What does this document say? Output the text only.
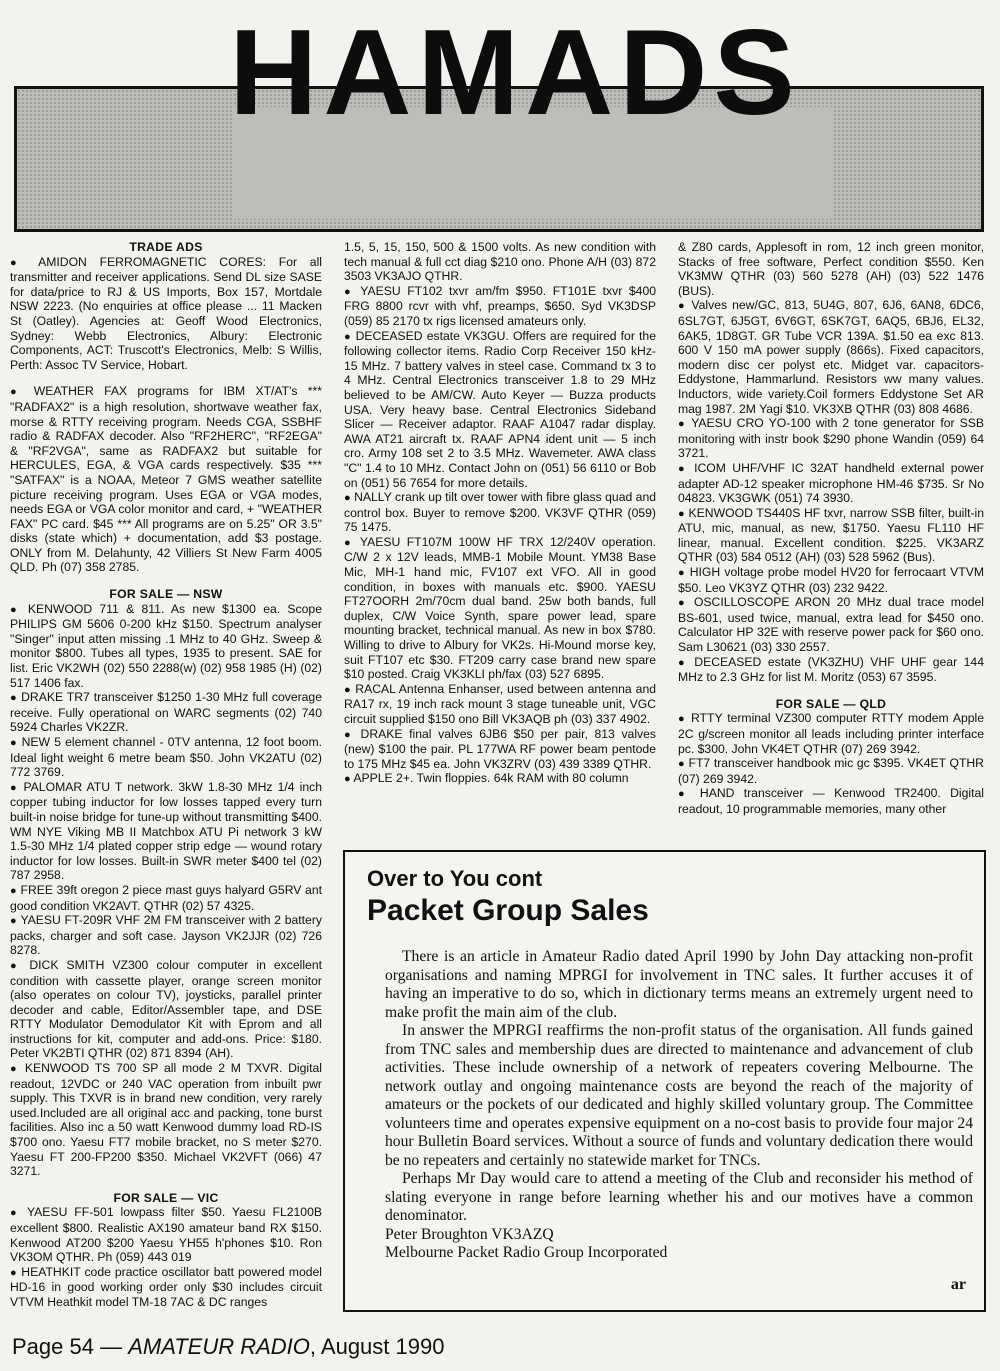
HAMADS

TRADE ADS

● AMIDON FERROMAGNETIC CORES: For all transmitter and receiver applications. Send DL size SASE for data/price to RJ & US Imports, Box 157, Mortdale NSW 2223. (No enquiries at office please ... 11 Macken St (Oatley). Agencies at: Geoff Wood Electronics, Sydney: Webb Electronics, Albury: Electronic Components, ACT: Truscott's Electronics, Melb: S Willis, Perth: Assoc TV Service, Hobart.

● WEATHER FAX programs for IBM XT/AT's *** "RADFAX2" is a high resolution, shortwave weather fax, morse & RTTY receiving program. Needs CGA, SSBHF radio & RADFAX decoder. Also "RF2HERC", "RF2EGA" & "RF2VGA", same as RADFAX2 but suitable for HERCULES, EGA, & VGA cards respectively. $35 *** "SATFAX" is a NOAA, Meteor 7 GMS weather satellite picture receiving program. Uses EGA or VGA modes, needs EGA or VGA color monitor and card, + "WEATHER FAX" PC card. $45 *** All programs are on 5.25" OR 3.5" disks (state which) + documentation, add $3 postage. ONLY from M. Delahunty, 42 Villiers St New Farm 4005 QLD. Ph (07) 358 2785.

FOR SALE — NSW

● KENWOOD 711 & 811. As new $1300 ea. Scope PHILIPS GM 5606 0-200 kHz $150. Spectrum analyser "Singer" input atten missing .1 MHz to 40 GHz. Sweep & monitor $800. Tubes all types, 1935 to present. SAE for list. Eric VK2WH (02) 550 2288(w) (02) 958 1985 (H) (02) 517 1406 fax.

● DRAKE TR7 transceiver $1250 1-30 MHz full coverage receive. Fully operational on WARC segments (02) 740 5924 Charles VK2ZR.

● NEW 5 element channel - 0TV antenna, 12 foot boom. Ideal light weight 6 metre beam $50. John VK2ATU (02) 772 3769.

● PALOMAR ATU T network. 3kW 1.8-30 MHz 1/4 inch copper tubing inductor for low losses tapped every turn built-in noise bridge for tune-up without transmitting $400. WM NYE Viking MB II Matchbox ATU Pi network 3 kW 1.5-30 MHz 1/4 plated copper strip edge — wound rotary inductor for low losses. Built-in SWR meter $400 tel (02) 787 2958.

● FREE 39ft oregon 2 piece mast guys halyard G5RV ant good condition VK2AVT. QTHR (02) 57 4325.

● YAESU FT-209R VHF 2M FM transceiver with 2 battery packs, charger and soft case. Jayson VK2JJR (02) 726 8278.

● DICK SMITH VZ300 colour computer in excellent condition with cassette player, orange screen monitor (also operates on colour TV), joysticks, parallel printer decoder and cable, Editor/Assembler tape, and DSE RTTY Modulator Demodulator Kit with Eprom and all instructions for kit, computer and add-ons. Price: $180. Peter VK2BTI QTHR (02) 871 8394 (AH).

● KENWOOD TS 700 SP all mode 2 M TXVR. Digital readout, 12VDC or 240 VAC operation from inbuilt pwr supply. This TXVR is in brand new condition, very rarely used.Included are all original acc and packing, tone burst facilities. Also inc a 50 watt Kenwood dummy load RD-IS $700 ono. Yaesu FT7 mobile bracket, no S meter $270. Yaesu FT 200-FP200 $350. Michael VK2VFT (066) 47 3271.

FOR SALE — VIC

● YAESU FF-501 lowpass filter $50. Yaesu FL2100B excellent $800. Realistic AX190 amateur band RX $150. Kenwood AT200 $200 Yaesu YH55 h'phones $10. Ron VK3OM QTHR. Ph (059) 443 019

● HEATHKIT code practice oscillator batt powered model HD-16 in good working order only $30 includes circuit VTVM Heathkit model TM-18 7AC & DC ranges

1.5, 5, 15, 150, 500 & 1500 volts. As new condition with tech manual & full cct diag $210 ono. Phone A/H (03) 872 3503 VK3AJO QTHR.

● YAESU FT102 txvr am/fm $950. FT101E txvr $400 FRG 8800 rcvr with vhf, preamps, $650. Syd VK3DSP (059) 85 2170 tx rigs licensed amateurs only.

● DECEASED estate VK3GU. Offers are required for the following collector items. Radio Corp Receiver 150 kHz-15 MHz. 7 battery valves in steel case. Command tx 3 to 4 MHz. Central Electronics transceiver 1.8 to 29 MHz believed to be AM/CW. Auto Keyer — Buzza products USA. Very heavy base. Central Electronics Sideband Slicer — Receiver adaptor. RAAF A1047 radar display. AWA AT21 aircraft tx. RAAF APN4 ident unit — 5 inch cro. Army 108 set 2 to 3.5 MHz. Wavemeter. AWA class "C" 1.4 to 10 MHz. Contact John on (051) 56 6110 or Bob on (051) 56 7654 for more details.

● NALLY crank up tilt over tower with fibre glass quad and control box. Buyer to remove $200. VK3VF QTHR (059) 75 1475.

● YAESU FT107M 100W HF TRX 12/240V operation. C/W 2 x 12V leads, MMB-1 Mobile Mount. YM38 Base Mic, MH-1 hand mic, FV107 ext VFO. All in good condition, in boxes with manuals etc. $900. YAESU FT27OORH 2m/70cm dual band. 25w both bands, full duplex, C/W Voice Synth, spare power lead, spare mounting bracket, technical manual. As new in box $780. Willing to drive to Albury for VK2s. Hi-Mound morse key, suit FT107 etc $30. FT209 carry case brand new spare $10 posted. Craig VK3KLI ph/fax (03) 527 6895.

● RACAL Antenna Enhanser, used between antenna and RA17 rx, 19 inch rack mount 3 stage tuneable unit, VGC circuit supplied $150 ono Bill VK3AQB ph (03) 337 4902.

● DRAKE final valves 6JB6 $50 per pair, 813 valves (new) $100 the pair. PL 177WA RF power beam pentode to 175 MHz $45 ea. John VK3ZRV (03) 439 3389 QTHR.

● APPLE 2+. Twin floppies. 64k RAM with 80 column

& Z80 cards, Applesoft in rom, 12 inch green monitor, Stacks of free software, Perfect condition $550. Ken VK3MW QTHR (03) 560 5278 (AH) (03) 522 1476 (BUS).

● Valves new/GC, 813, 5U4G, 807, 6J6, 6AN8, 6DC6, 6SL7GT, 6J5GT, 6V6GT, 6SK7GT, 6AQ5, 6BJ6, EL32, 6AK5, 1D8GT. GR Tube VCR 139A. $1.50 ea exc 813. 600 V 150 mA power supply (866s). Fixed capacitors, modern disc cer polyst etc. Midget var. capacitors-Eddystone, Hammarlund. Resistors ww many values. Inductors, wide variety.Coil formers Eddystone Set AR mag 1987. 2M Yagi $10. VK3XB QTHR (03) 808 4686.

● YAESU CRO YO-100 with 2 tone generator for SSB monitoring with instr book $290 phone Wandin (059) 64 3721.

● ICOM UHF/VHF IC 32AT handheld external power adapter AD-12 speaker microphone HM-46 $735. Sr No 04823. VK3GWK (051) 74 3930.

● KENWOOD TS440S HF txvr, narrow SSB filter, built-in ATU, mic, manual, as new, $1750. Yaesu FL110 HF linear, manual. Excellent condition. $225. VK3ARZ QTHR (03) 584 0512 (AH) (03) 528 5962 (Bus).

● HIGH voltage probe model HV20 for ferrocaart VTVM $50. Leo VK3YZ QTHR (03) 232 9422.

● OSCILLOSCOPE ARON 20 MHz dual trace model BS-601, used twice, manual, extra lead for $450 ono. Calculator HP 32E with reserve power pack for $60 ono. Sam L30621 (03) 330 2557.

● DECEASED estate (VK3ZHU) VHF UHF gear 144 MHz to 2.3 GHz for list M. Moritz (053) 67 3595.

FOR SALE — QLD

● RTTY terminal VZ300 computer RTTY modem Apple 2C g/screen monitor all leads including printer interface pc. $300. John VK4ET QTHR (07) 269 3942.

● FT7 transceiver handbook mic gc $395. VK4ET QTHR (07) 269 3942.

● HAND transceiver — Kenwood TR2400. Digital readout, 10 programmable memories, many other

Over to You cont
Packet Group Sales

There is an article in Amateur Radio dated April 1990 by John Day attacking non-profit organisations and naming MPRGI for involvement in TNC sales. It further accuses it of having an imperative to do so, which in dictionary terms means an extremely urgent need to make profit the main aim of the club.

In answer the MPRGI reaffirms the non-profit status of the organisation. All funds gained from TNC sales and membership dues are directed to maintenance and advancement of club activities. These include ownership of a network of repeaters covering Melbourne. The network outlay and ongoing maintenance costs are beyond the reach of the majority of amateurs or the pockets of our dedicated and highly skilled voluntary group. The Committee volunteers time and operates expensive equipment on a no-cost basis to provide four major 24 hour Bulletin Board services. Without a source of funds and voluntary dedication there would be no repeaters and certainly no statewide market for TNCs.

Perhaps Mr Day would care to attend a meeting of the Club and reconsider his method of slating everyone in range before learning whether his and our motives have a common denominator.

Peter Broughton VK3AZQ
Melbourne Packet Radio Group Incorporated

ar
Page 54 — AMATEUR RADIO, August 1990
